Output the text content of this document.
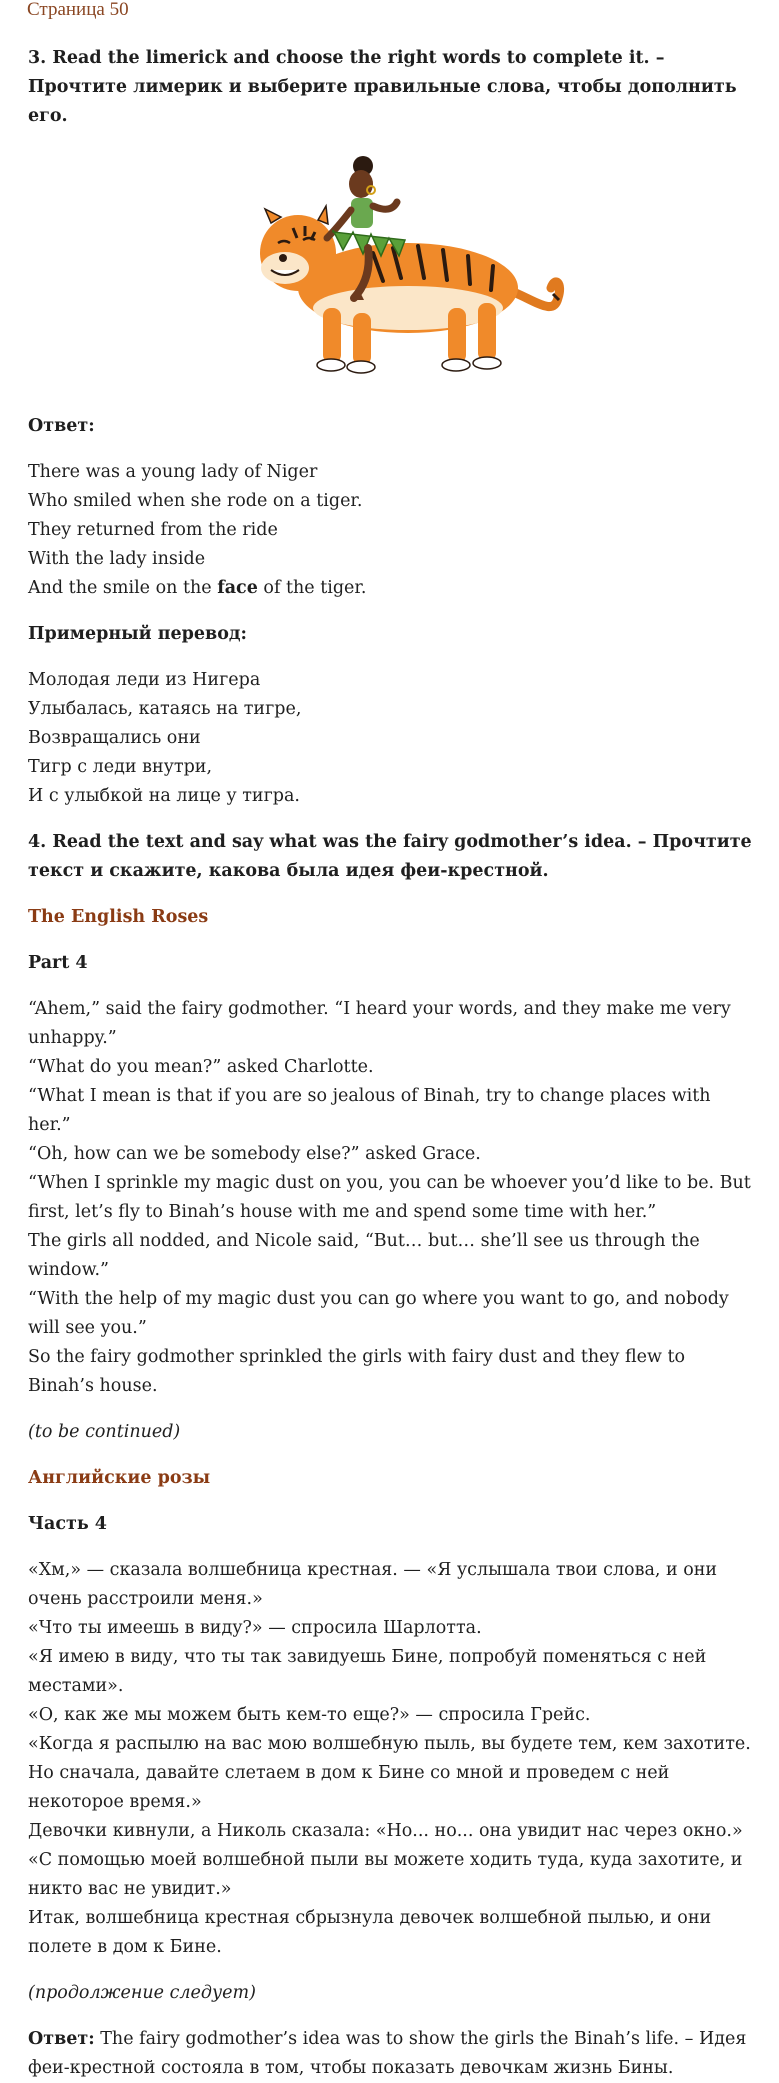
Страница 50
3. Read the limerick and choose the right words to complete it. – Прочтите лимерик и выберите правильные слова, чтобы дополнить его.
Ответ:
There was a young lady of Niger
Who smiled when she rode on a tiger.
They returned from the ride
With the lady inside
And the smile on the face of the tiger.
Примерный перевод:
Молодая леди из Нигера
Улыбалась, катаясь на тигре,
Возвращались они
Тигр с леди внутри,
И с улыбкой на лице у тигра.
4. Read the text and say what was the fairy godmother’s idea. – Прочтите текст и скажите, какова была идея феи-крестной.
The English Roses
Part 4
“Ahem,” said the fairy godmother. “I heard your words, and they make me very unhappy.”
“What do you mean?” asked Charlotte.
“What I mean is that if you are so jealous of Binah, try to change places with her.”
“Oh, how can we be somebody else?” asked Grace.
“When I sprinkle my magic dust on you, you can be whoever you’d like to be. But first, let’s fly to Binah’s house with me and spend some time with her.”
The girls all nodded, and Nicole said, “But… but… she’ll see us through the window.”
“With the help of my magic dust you can go where you want to go, and nobody will see you.”
So the fairy godmother sprinkled the girls with fairy dust and they flew to Binah’s house.
(to be continued)
Английские розы
Часть 4
«Хм,» — сказала волшебница крестная. — «Я услышала твои слова, и они очень расстроили меня.»
«Что ты имеешь в виду?» — спросила Шарлотта.
«Я имею в виду, что ты так завидуешь Бине, попробуй поменяться с ней местами».
«О, как же мы можем быть кем-то еще?» — спросила Грейс.
«Когда я распылю на вас мою волшебную пыль, вы будете тем, кем захотите. Но сначала, давайте слетаем в дом к Бине со мной и проведем с ней некоторое время.»
Девочки кивнули, а Николь сказала: «Но... но... она увидит нас через окно.»
«С помощью моей волшебной пыли вы можете ходить туда, куда захотите, и никто вас не увидит.»
Итак, волшебница крестная сбрызнула девочек волшебной пылью, и они полете в дом к Бине.
(продолжение следует)
Ответ: The fairy godmother’s idea was to show the girls the Binah’s life. – Идея феи-крестной состояла в том, чтобы показать девочкам жизнь Бины.
